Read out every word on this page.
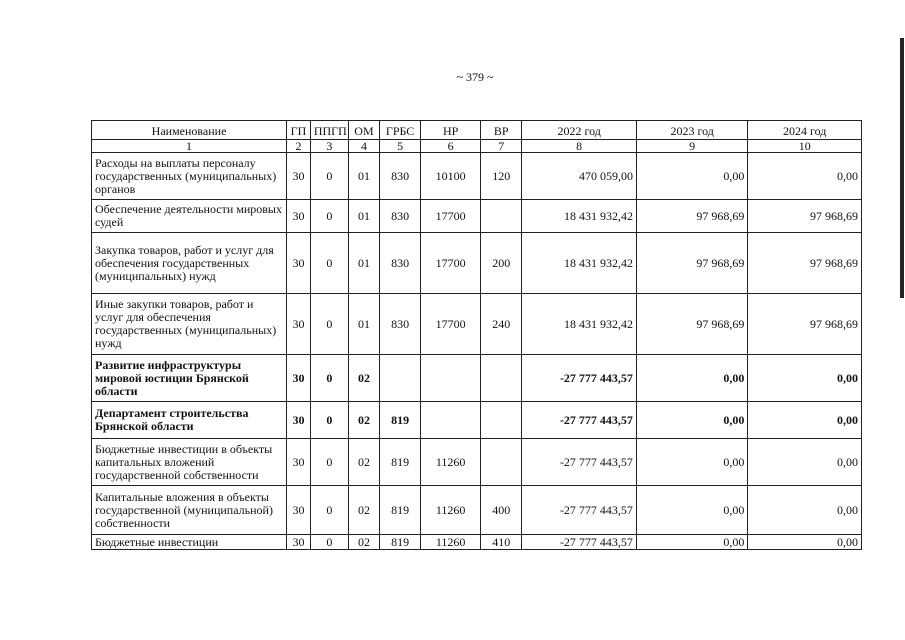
~ 379 ~
Наименование	ГП	ППГП	ОМ	ГРБС	НР	ВР	2022 год	2023 год	2024 год
1	2	3	4	5	6	7	8	9	10
Расходы на выплаты персоналу государственных (муниципальных) органов	30	0	01	830	10100	120	470 059,00	0,00	0,00
Обеспечение деятельности мировых судей	30	0	01	830	17700		18 431 932,42	97 968,69	97 968,69
Закупка товаров, работ и услуг для обеспечения государственных (муниципальных) нужд	30	0	01	830	17700	200	18 431 932,42	97 968,69	97 968,69
Иные закупки товаров, работ и услуг для обеспечения государственных (муниципальных) нужд	30	0	01	830	17700	240	18 431 932,42	97 968,69	97 968,69
Развитие инфраструктуры мировой юстиции Брянской области	30	0	02				-27 777 443,57	0,00	0,00
Департамент строительства Брянской области	30	0	02	819			-27 777 443,57	0,00	0,00
Бюджетные инвестиции в объекты капитальных вложений государственной собственности	30	0	02	819	11260		-27 777 443,57	0,00	0,00
Капитальные вложения в объекты государственной (муниципальной) собственности	30	0	02	819	11260	400	-27 777 443,57	0,00	0,00
Бюджетные инвестиции	30	0	02	819	11260	410	-27 777 443,57	0,00	0,00
